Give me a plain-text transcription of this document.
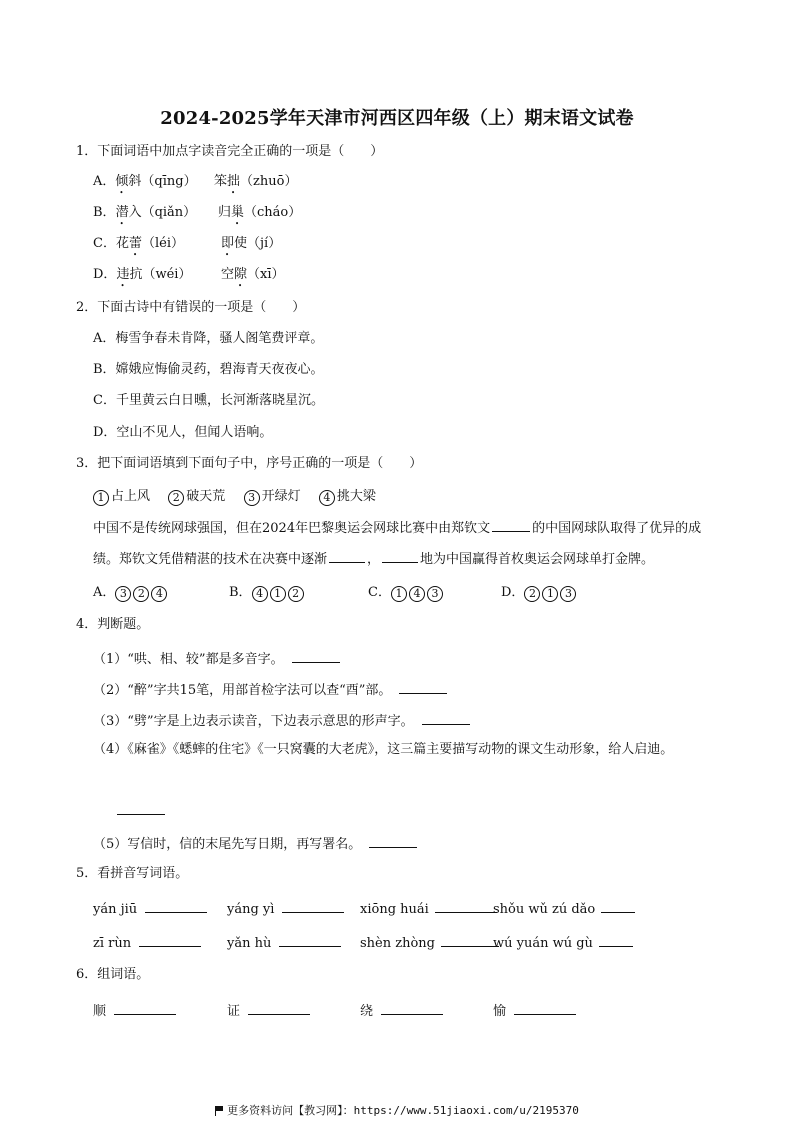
2024-2025学年天津市河西区四年级（上）期末语文试卷
1．下面词语中加点字读音完全正确的一项是（　　）
A．倾斜（qīng） 笨拙（zhuō）
B．潜入（qiǎn） 归巢（cháo）
C．花蕾（léi）	即使（jí）
D．违抗（wéi） 空隙（xī）
2．下面古诗中有错误的一项是（　　）
A．梅雪争春未肯降，骚人阁笔费评章。
B．嫦娥应悔偷灵药，碧海青天夜夜心。
C．千里黄云白日曛，长河渐落晓星沉。
D．空山不见人，但闻人语响。
3．把下面词语填到下面句子中，序号正确的一项是（　　）
1 占上风 2 破天荒 3 开绿灯 4 挑大梁
中国不是传统网球强国，但在2024年巴黎奥运会网球比赛中由郑钦文	的中国网球队取得了优异的成绩。郑钦文凭借精湛的技术在决赛中逐渐	，	地为中国赢得首枚奥运会网球单打金牌。
A． 3 2 4	B． 4 1 2	C． 1 4 3	D． 2 1 3
4．判断题。
（1）“哄、相、较”都是多音字。
（2）“醉”字共15笔，用部首检字法可以查“酉”部。
（3）“劈”字是上边表示读音，下边表示意思的形声字。
（4）《麻雀》《蟋蟀的住宅》《一只窝囊的大老虎》，这三篇主要描写动物的课文生动形象，给人启迪。
（5）写信时，信的末尾先写日期，再写署名。
5．看拼音写词语。
yán jiū	yáng yì	xiōng huái	shǒu wǔ zú dǎo
zī rùn	yǎn hù	shèn zhòng	wú yuán wú gù
6．组词语。
顺	证	绕	愉
更多资料访问【教习网】：https://www.51jiaoxi.com/u/2195370
